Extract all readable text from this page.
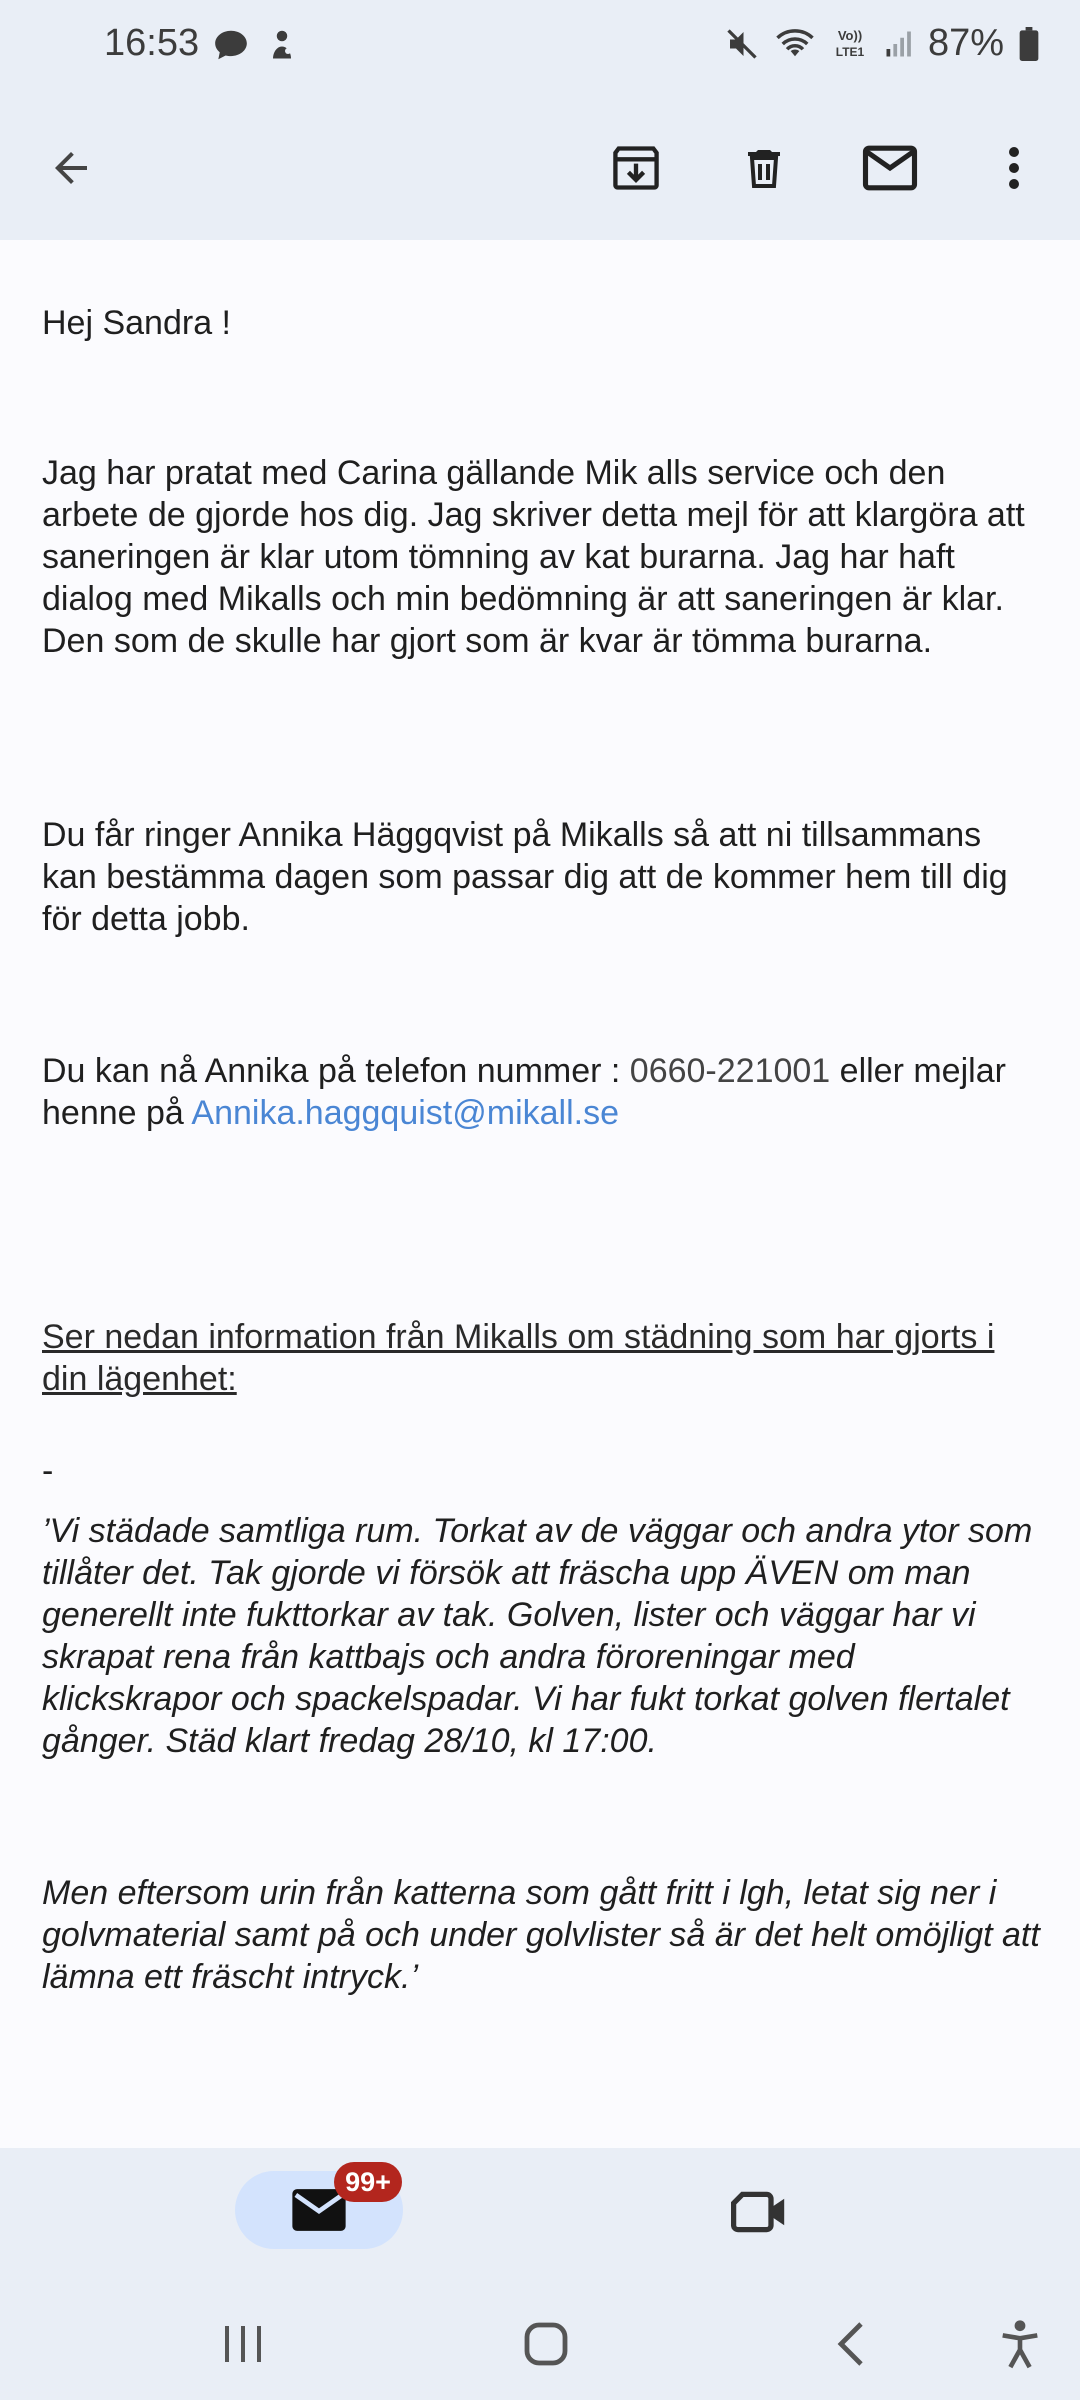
16:53	Vo))
LTE1 87%

Hej Sandra !

Jag har pratat med Carina gällande Mik alls service och den arbete de gjorde hos dig. Jag skriver detta mejl för att klargöra att saneringen är klar utom tömning av kat burarna. Jag har haft dialog med Mikalls och min bedömning är att saneringen är klar. Den som de skulle har gjort som är kvar är tömma burarna.

Du får ringer Annika Häggqvist på Mikalls så att ni tillsammans kan bestämma dagen som passar dig att de kommer hem till dig för detta jobb.

Du kan nå Annika på telefon nummer : 0660-221001 eller mejlar henne på Annika.haggquist@mikall.se

Ser nedan information från Mikalls om städning som har gjorts i din lägenhet:

-

’Vi städade samtliga rum. Torkat av de väggar och andra ytor som tillåter det. Tak gjorde vi försök att fräscha upp ÄVEN om man generellt inte fukttorkar av tak. Golven, lister och väggar har vi skrapat rena från kattbajs och andra föroreningar med klickskrapor och spackelspadar. Vi har fukt torkat golven flertalet gånger. Städ klart fredag 28/10, kl 17:00.

Men eftersom urin från katterna som gått fritt i lgh, letat sig ner i golvmaterial samt på och under golvlister så är det helt omöjligt att lämna ett fräscht intryck.’

99+
